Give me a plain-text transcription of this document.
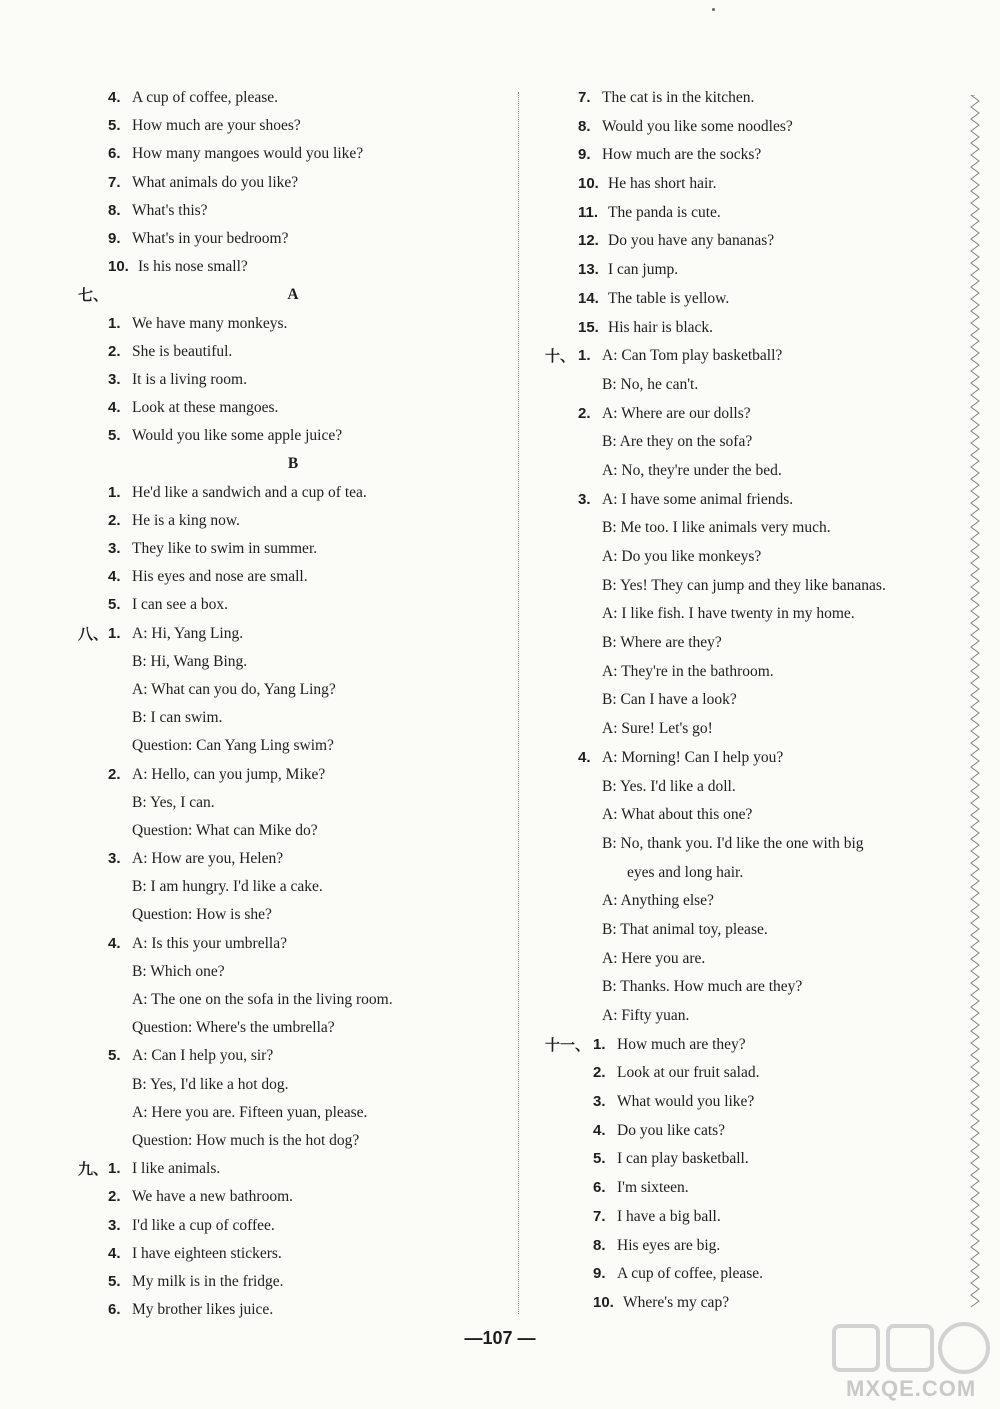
4. A cup of coffee, please.
5. How much are your shoes?
6. How many mangoes would you like?
7. What animals do you like?
8. What's this?
9. What's in your bedroom?
10. Is his nose small?
七、	A
1. We have many monkeys.
2. She is beautiful.
3. It is a living room.
4. Look at these mangoes.
5. Would you like some apple juice?
B
1. He'd like a sandwich and a cup of tea.
2. He is a king now.
3. They like to swim in summer.
4. His eyes and nose are small.
5. I can see a box.
八、 1. A: Hi, Yang Ling.
B: Hi, Wang Bing.
A: What can you do, Yang Ling?
B: I can swim.
Question: Can Yang Ling swim?
2. A: Hello, can you jump, Mike?
B: Yes, I can.
Question: What can Mike do?
3. A: How are you, Helen?
B: I am hungry. I'd like a cake.
Question: How is she?
4. A: Is this your umbrella?
B: Which one?
A: The one on the sofa in the living room.
Question: Where's the umbrella?
5. A: Can I help you, sir?
B: Yes, I'd like a hot dog.
A: Here you are. Fifteen yuan, please.
Question: How much is the hot dog?
九、 1. I like animals.
2. We have a new bathroom.
3. I'd like a cup of coffee.
4. I have eighteen stickers.
5. My milk is in the fridge.
6. My brother likes juice.
7. The cat is in the kitchen.
8. Would you like some noodles?
9. How much are the socks?
10. He has short hair.
11. The panda is cute.
12. Do you have any bananas?
13. I can jump.
14. The table is yellow.
15. His hair is black.
十、 1. A: Can Tom play basketball?
B: No, he can't.
2. A: Where are our dolls?
B: Are they on the sofa?
A: No, they're under the bed.
3. A: I have some animal friends.
B: Me too. I like animals very much.
A: Do you like monkeys?
B: Yes! They can jump and they like bananas.
A: I like fish. I have twenty in my home.
B: Where are they?
A: They're in the bathroom.
B: Can I have a look?
A: Sure! Let's go!
4. A: Morning! Can I help you?
B: Yes. I'd like a doll.
A: What about this one?
B: No, thank you. I'd like the one with big
eyes and long hair.
A: Anything else?
B: That animal toy, please.
A: Here you are.
B: Thanks. How much are they?
A: Fifty yuan.
十一、 1. How much are they?
2. Look at our fruit salad.
3. What would you like?
4. Do you like cats?
5. I can play basketball.
6. I'm sixteen.
7. I have a big ball.
8. His eyes are big.
9. A cup of coffee, please.
10. Where's my cap?
—107 —
MXQE.COM
